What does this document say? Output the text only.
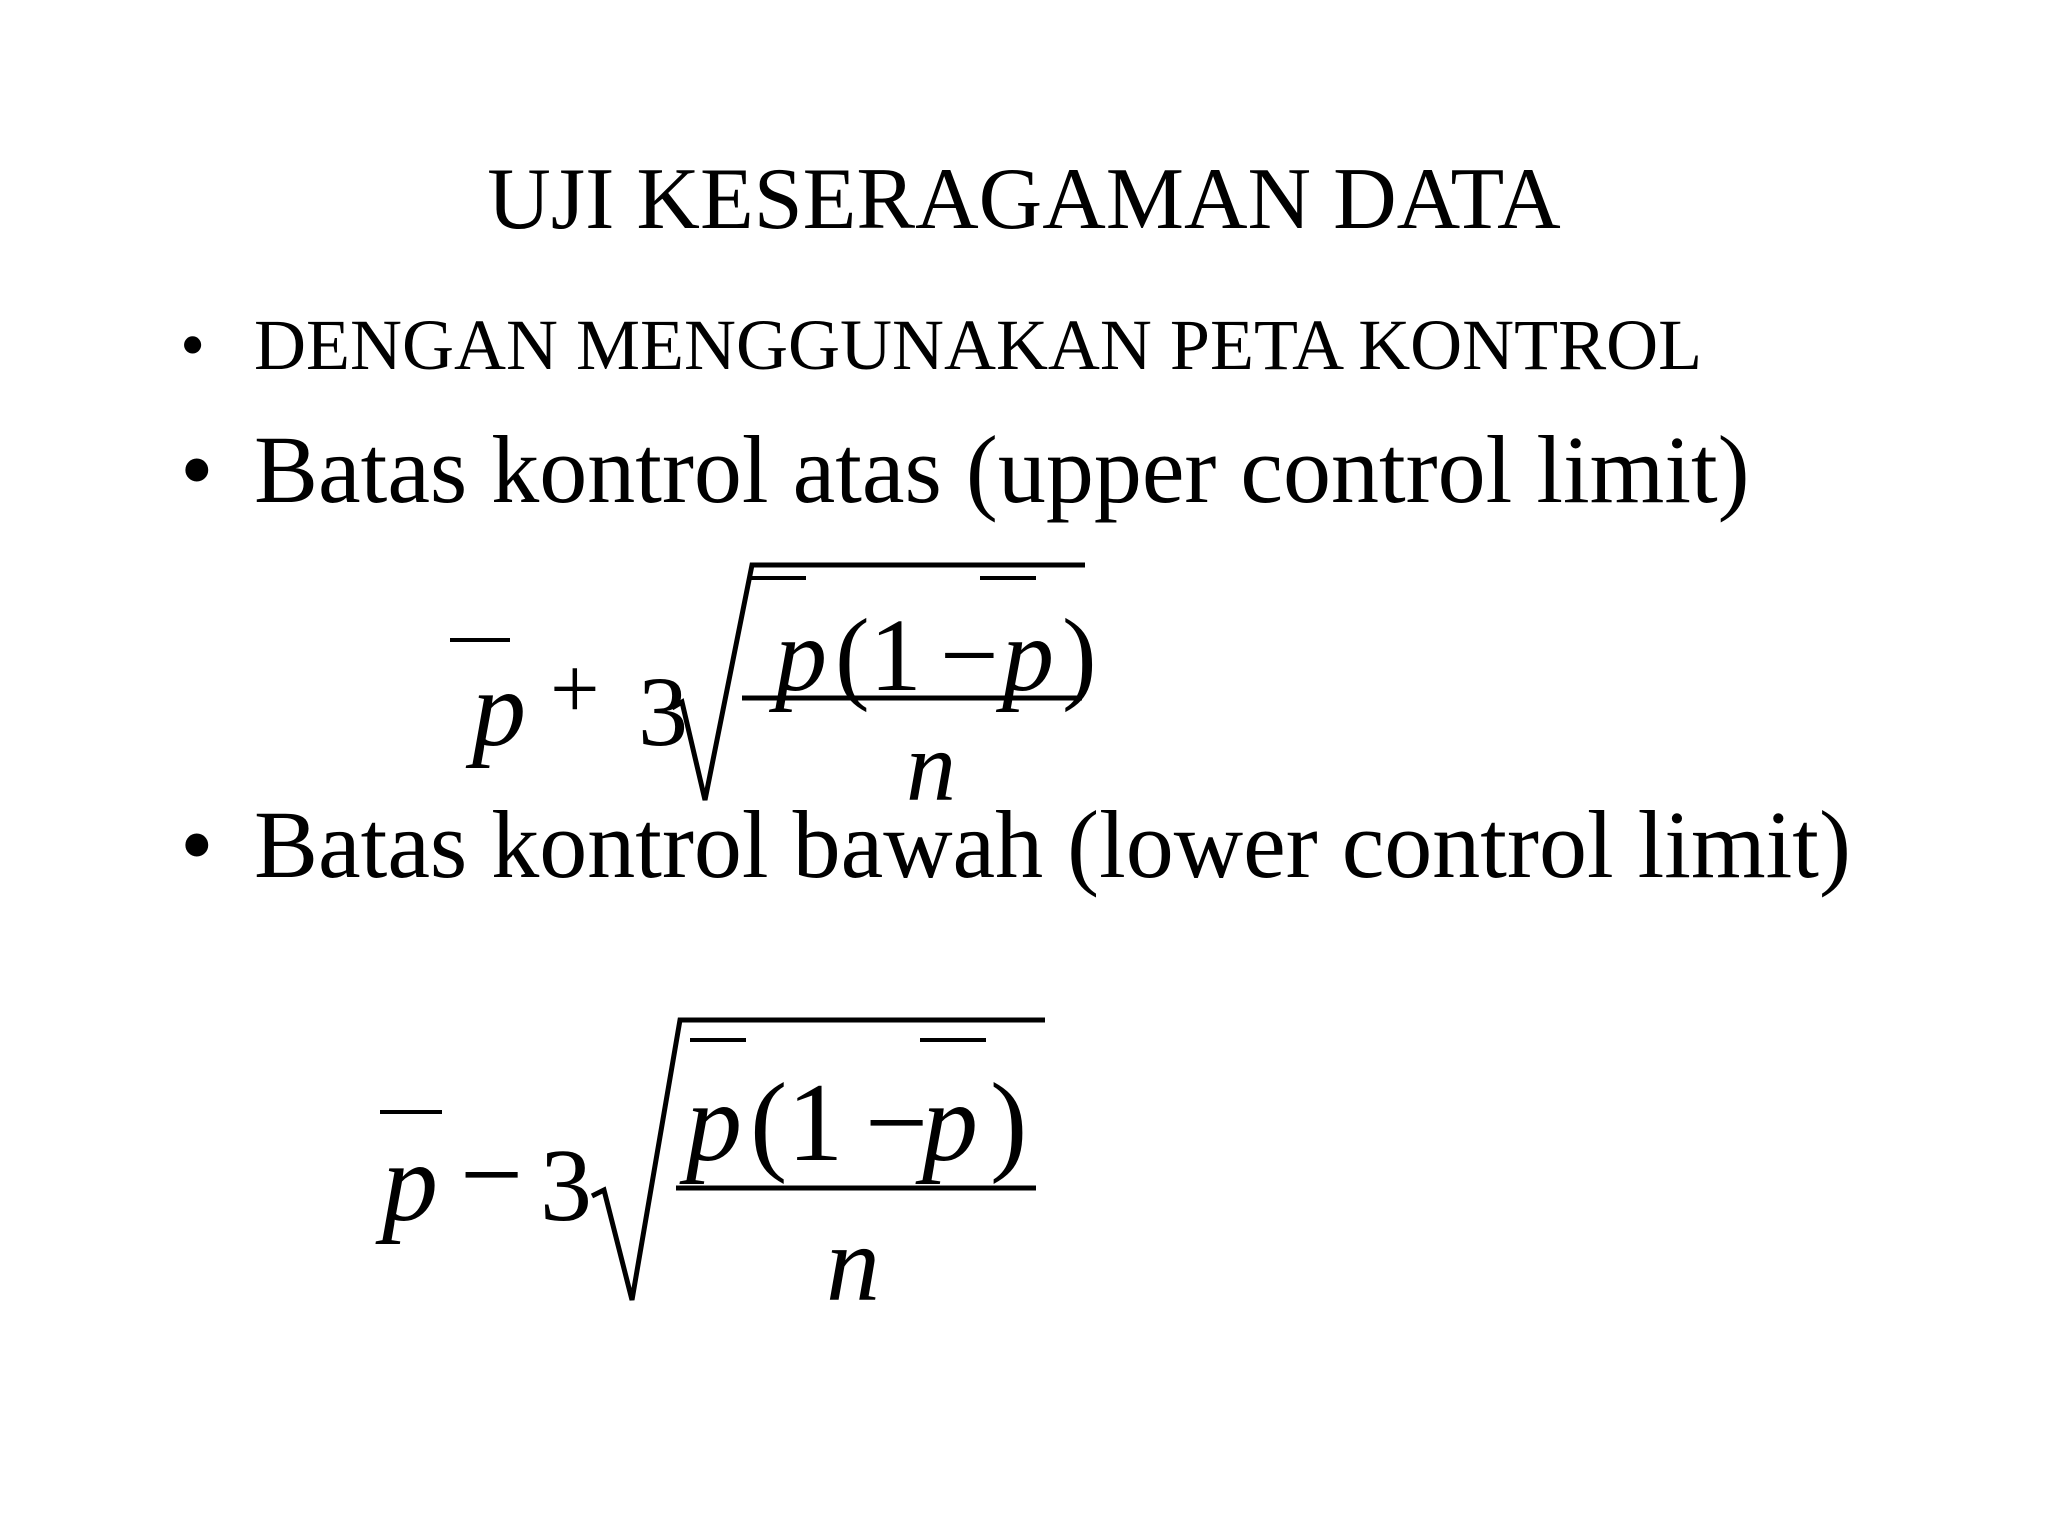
UJI KESERAGAMAN DATA
• DENGAN MENGGUNAKAN PETA KONTROL
• Batas kontrol atas (upper control limit)
• Batas kontrol bawah (lower control limit)
p + 3 p (1 − p )
n
p − 3
p (1 −
p )
n
